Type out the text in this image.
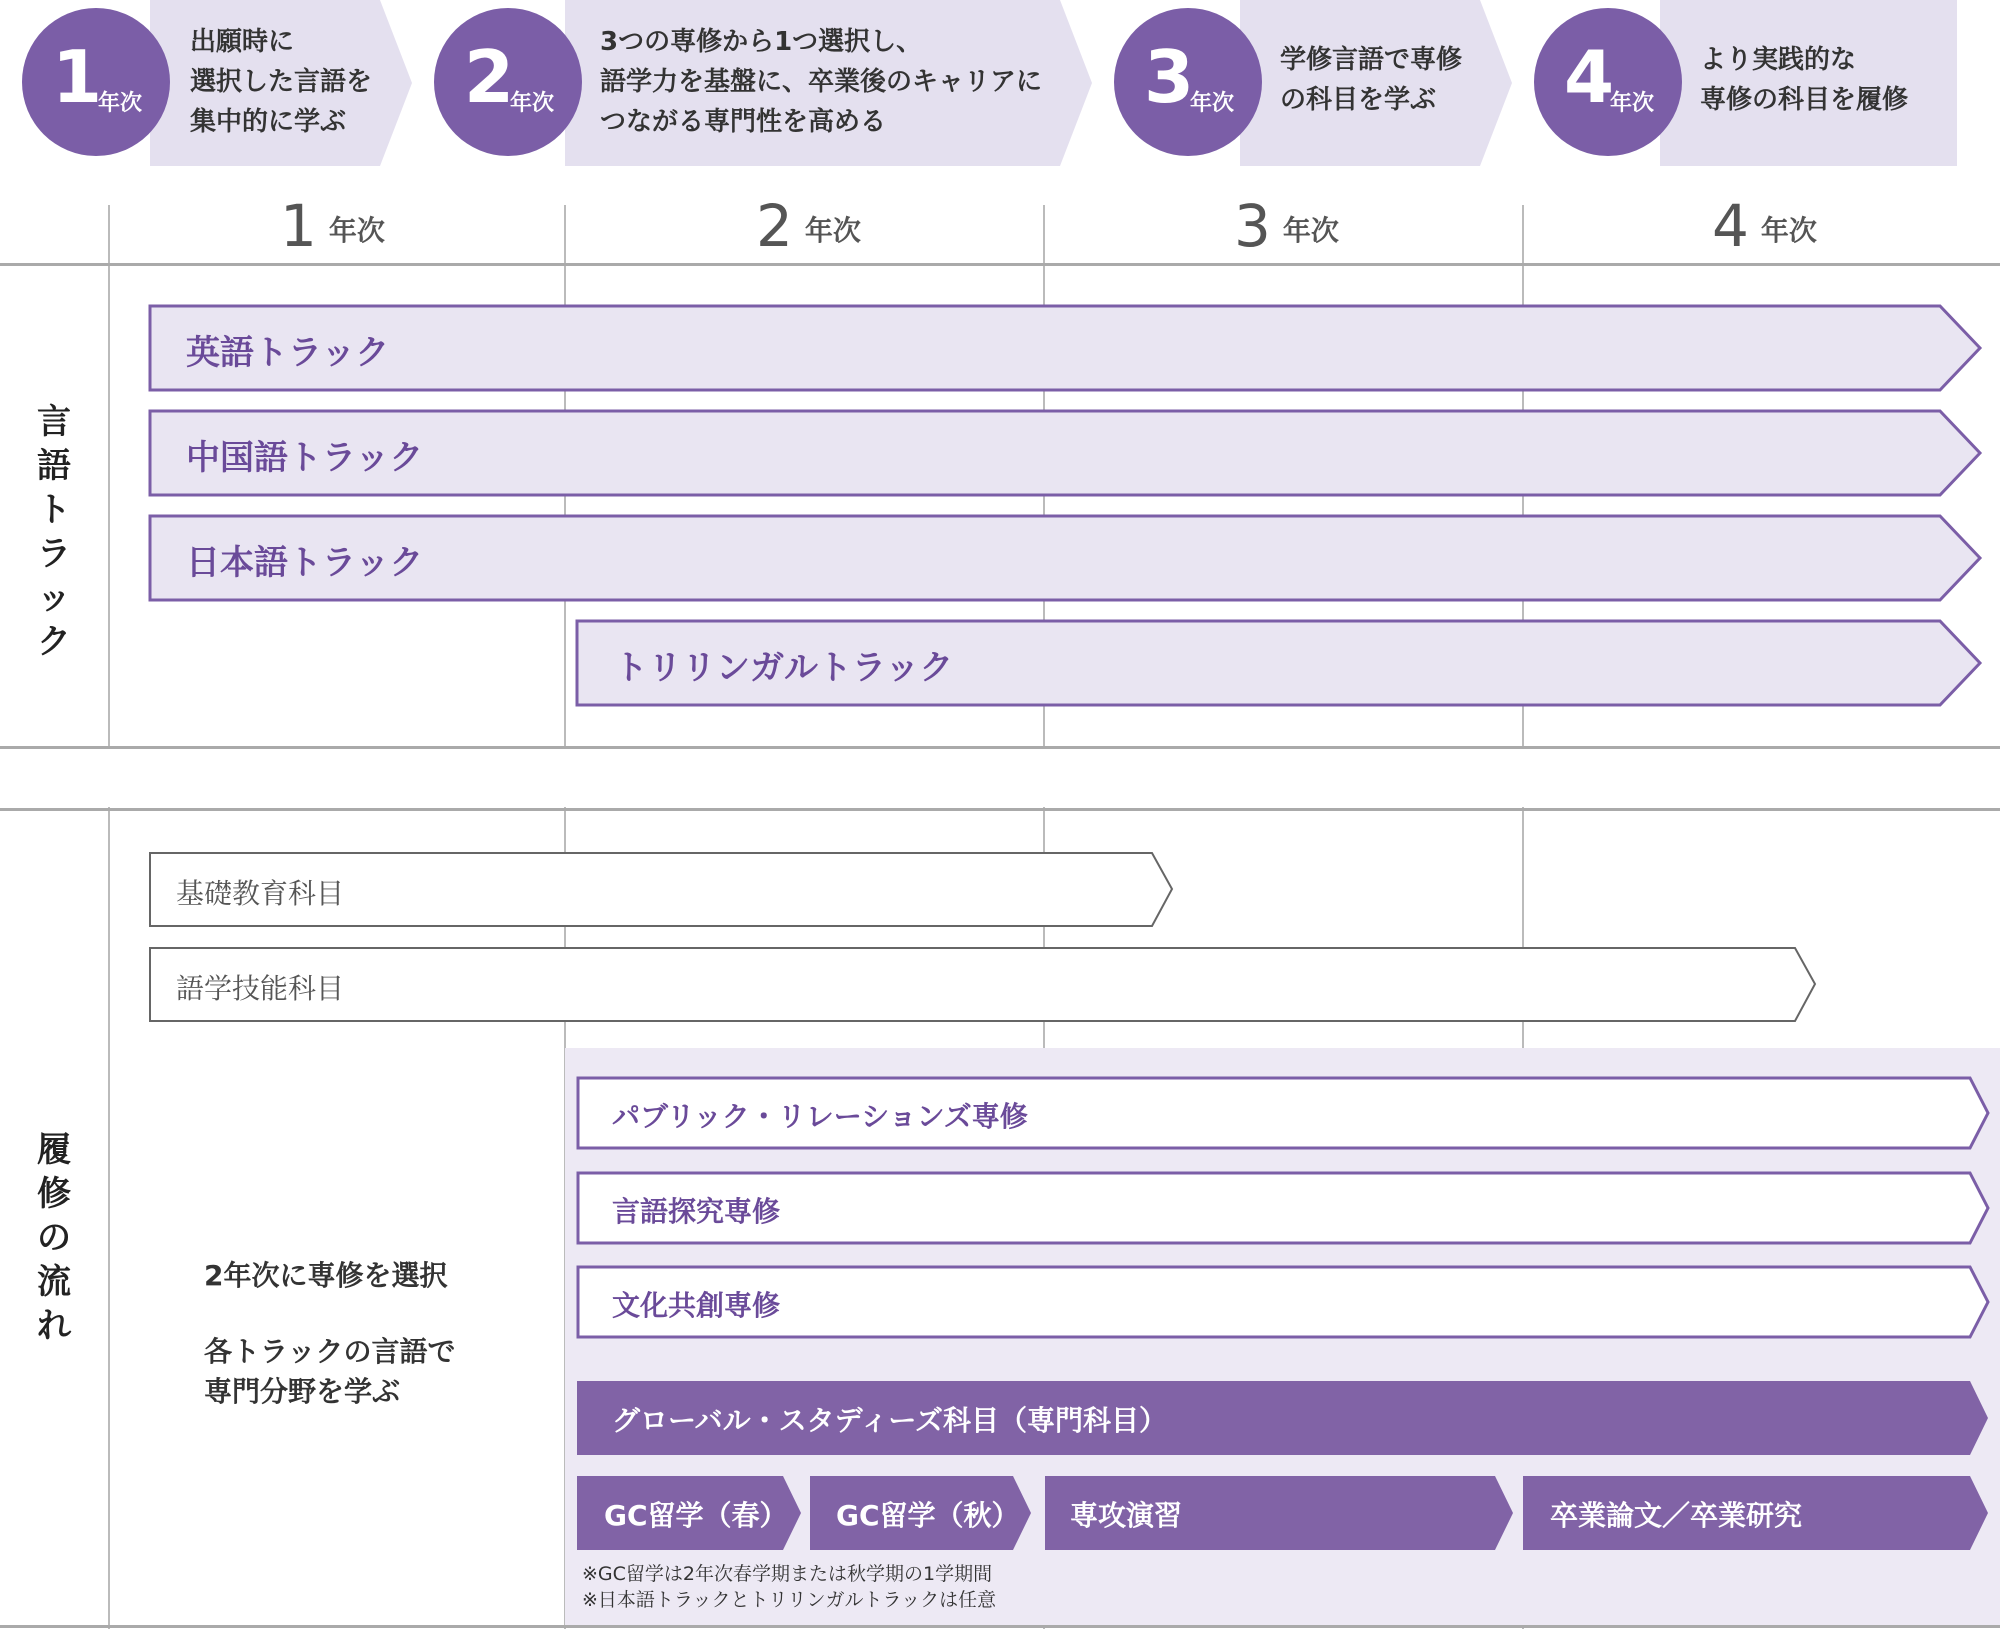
1
年次
出願時に
選択した言語を
集中的に学ぶ
2
年次
3つの専修から1つ選択し、
語学力を基盤に、卒業後のキャリアに
つながる専門性を高める
3
年次
学修言語で専修
の科目を学ぶ	4
年次
より実践的な
専修の科目を履修
1 年次	2 年次	3 年次	4 年次
言語トラック
履修の流れ
英語トラック
中国語トラック
日本語トラック
トリリンガルトラック
基礎教育科目
語学技能科目
パブリック・リレーションズ専修
言語探究専修
文化共創専修
グローバル・スタディーズ科目（専門科目）
GC留学（春） GC留学（秋） 専攻演習	卒業論文／卒業研究
2年次に専修を選択
各トラックの言語で
専門分野を学ぶ
※GC留学は2年次春学期または秋学期の1学期間
※日本語トラックとトリリンガルトラックは任意
